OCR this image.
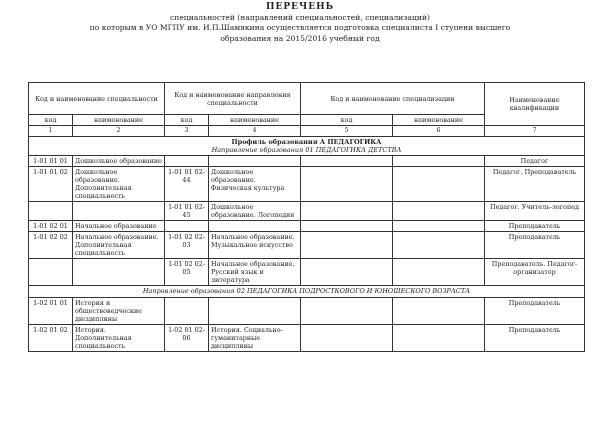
ПЕРЕЧЕНЬ
специальностей (направлений специальностей, специализаций)
по которым в УО МГПУ им. И.П.Шамякина осуществляется подготовка специалиста I ступени высшего
образования на 2015/2016 учебный год
Код и наименование специальности		Код и наименование направления специальности		Код и наименование специализации		Наименование квалификации
код	наименование	код	наименование	код	наименование	
1	2	3	4	5	6	7

Профиль образования А ПЕДАГОГИКА
Направление образования 01 ПЕДАГОГИКА ДЕТСТВА						
1-01 01 01	Дошкольное образование					Педагог
1-01 01 02	Дошкольное образование. Дополнительная специальность	1-01 01 02-44	Дошкольное образование. Физическая культура			Педагог. Преподаватель
		1-01 01 02-45	Дошкольное образование. Логопедия			Педагог. Учитель-логопед
1-01 02 01	Начальное образование					Преподаватель
1-01 02 02	Начальное образование. Дополнительная специальность	1-01 02 02-03	Начальное образование. Музыкальное искусство			Преподаватель
		1-01 02 02-05	Начальное образование. Русский язык и литература			Преподаватель. Педагог-организатор
Направление образования 02 ПЕДАГОГИКА ПОДРОСТКОВОГО И ЮНОШЕСКОГО ВОЗРАСТА						
1-02 01 01	История и обществоведческие дисциплины					Преподаватель
1-02 01 02	История. Дополнительная специальность	1-02 01 02-06	История. Социально-гуманитарные дисциплины			Преподаватель
